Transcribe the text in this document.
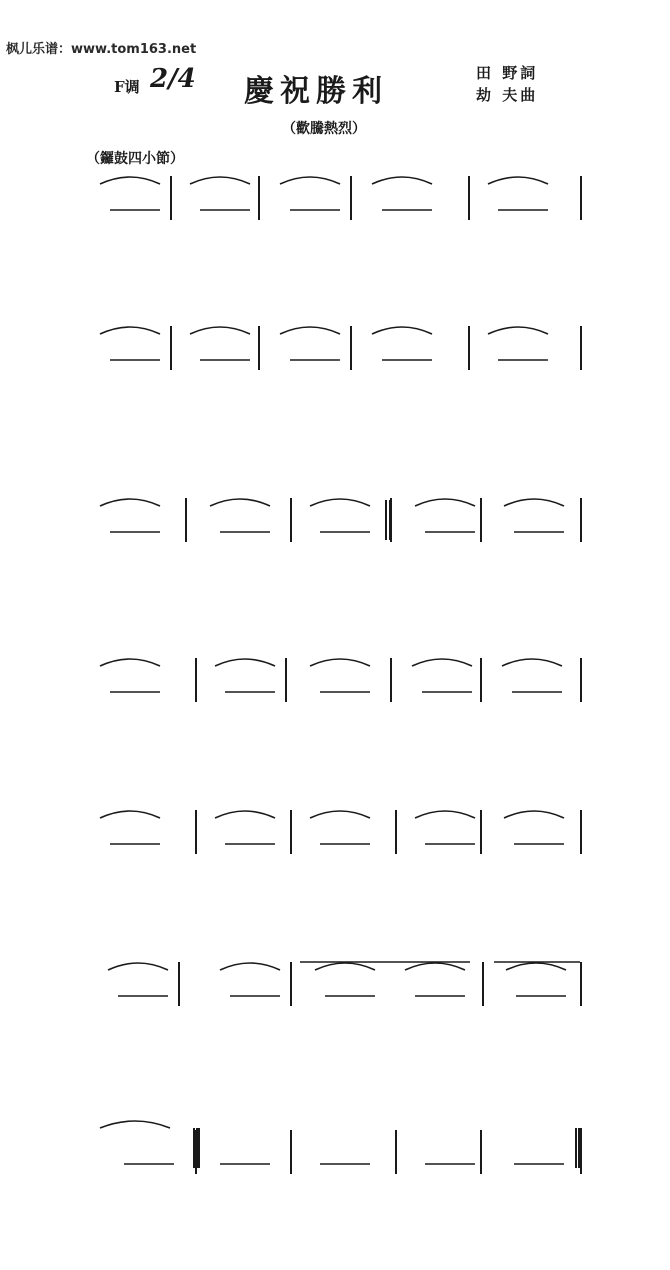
枫儿乐谱：www.tom163.net
F调 2/4 慶祝勝利
田 野詞
劫 夫曲
（歡騰熱烈）
（鑼鼓四小節）
